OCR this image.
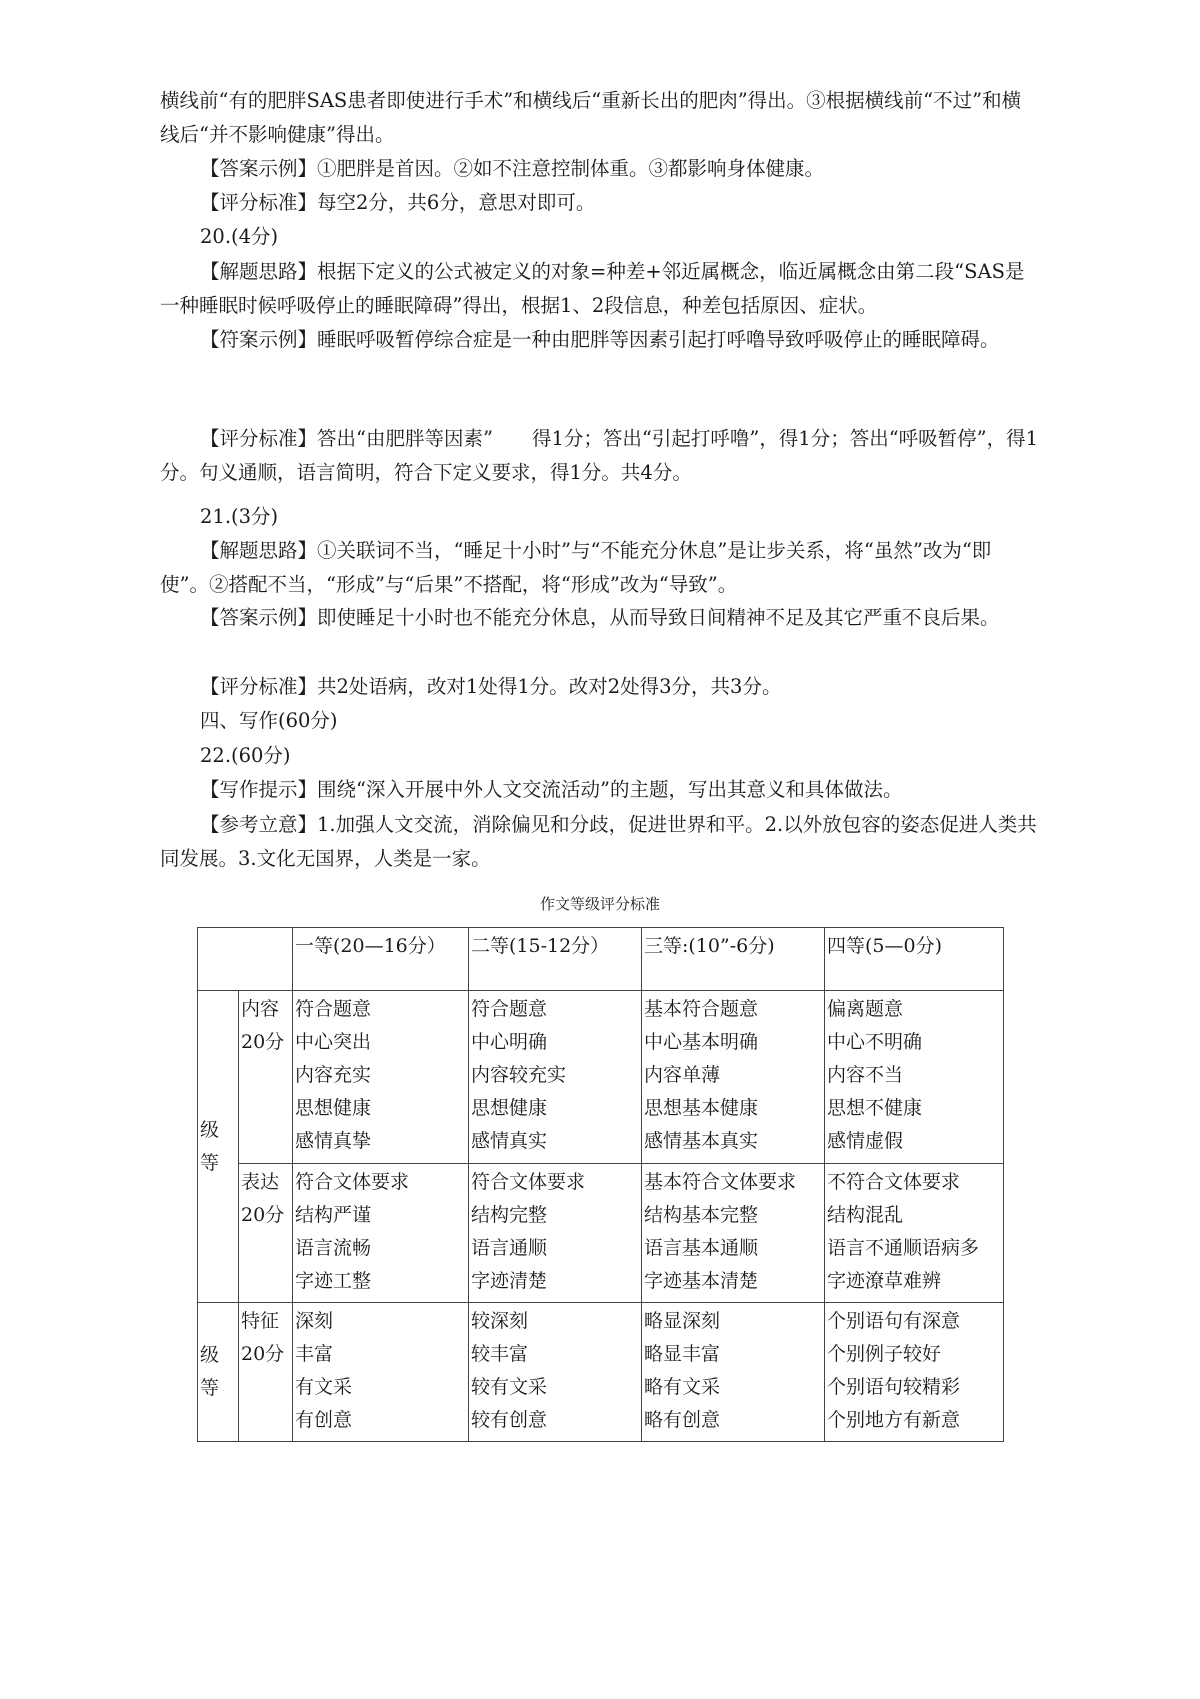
横线前“有的肥胖SAS患者即使进行手术”和横线后“重新长出的肥肉”得出。③根据横线前“不过”和横线后“并不影响健康”得出。
【答案示例】①肥胖是首因。②如不注意控制体重。③都影响身体健康。
【评分标准】每空2分，共6分，意思对即可。
20.(4分)
【解题思路】根据下定义的公式被定义的对象=种差+邻近属概念，临近属概念由第二段“SAS是一种睡眠时候呼吸停止的睡眠障碍”得出，根据1、2段信息，种差包括原因、症状。
【符案示例】睡眠呼吸暂停综合症是一种由肥胖等因素引起打呼噜导致呼吸停止的睡眠障碍。
【评分标准】答出“由肥胖等因素”　　得1分；答出“引起打呼噜”，得1分；答出“呼吸暂停”，得1分。句义通顺，语言简明，符合下定义要求，得1分。共4分。
21.(3分)
【解题思路】①关联词不当，“睡足十小时”与“不能充分休息”是让步关系，将“虽然”改为“即使”。②搭配不当，“形成”与“后果”不搭配，将“形成”改为“导致”。
【答案示例】即使睡足十小时也不能充分休息，从而导致日间精神不足及其它严重不良后果。
【评分标准】共2处语病，改对1处得1分。改对2处得3分，共3分。
四、写作(60分)
22.(60分)
【写作提示】围绕“深入开展中外人文交流活动”的主题，写出其意义和具体做法。
【参考立意】1.加强人文交流，消除偏见和分歧，促进世界和平。2.以外放包容的姿态促进人类共同发展。3.文化无国界，人类是一家。
作文等级评分标准
		一等(20—16分）	二等(15-12分）	三等:(10”-6分)	四等(5—0分)
级 等	内容20分	符合题意
中心突出
内容充实
思想健康
感情真挚	符合题意
中心明确
内容较充实
思想健康
感情真实	基本符合题意
中心基本明确
内容单薄
思想基本健康
感情基本真实	偏离题意
中心不明确
内容不当
思想不健康
感情虚假

	表达20分	符合文体要求
结构严谨
语言流畅
字迹工整	符合文体要求
结构完整
语言通顺
字迹清楚	基本符合文体要求
结构基本完整
语言基本通顺
字迹基本清楚	不符合文体要求
结构混乱
语言不通顺语病多
字迹潦草难辨

级 等	特征20分	深刻
丰富
有文采
有创意	较深刻
较丰富
较有文采
较有创意	略显深刻
略显丰富
略有文采
略有创意	个别语句有深意
个别例子较好
个别语句较精彩
个别地方有新意
